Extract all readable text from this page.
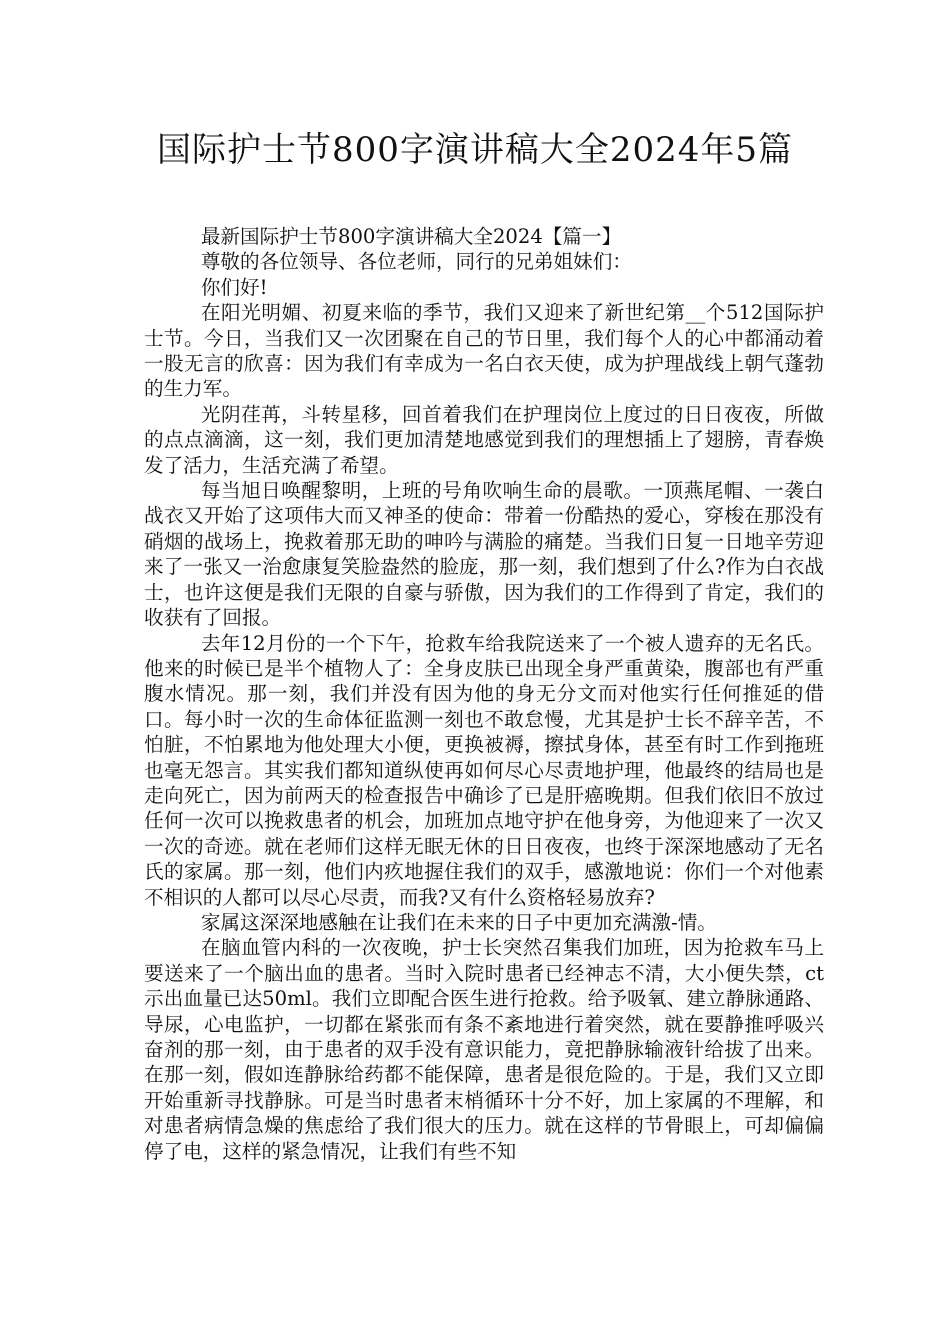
国际护士节800字演讲稿大全2024年5篇

最新国际护士节800字演讲稿大全2024【篇一】

尊敬的各位领导、各位老师，同行的兄弟姐妹们：

你们好!

在阳光明媚、初夏来临的季节，我们又迎来了新世纪第__个512国际护士节。今日，当我们又一次团聚在自己的节日里，我们每个人的心中都涌动着一股无言的欣喜：因为我们有幸成为一名白衣天使，成为护理战线上朝气蓬勃的生力军。

光阴荏苒，斗转星移，回首着我们在护理岗位上度过的日日夜夜，所做的点点滴滴，这一刻，我们更加清楚地感觉到我们的理想插上了翅膀，青春焕发了活力，生活充满了希望。

每当旭日唤醒黎明，上班的号角吹响生命的晨歌。一顶燕尾帽、一袭白战衣又开始了这项伟大而又神圣的使命：带着一份酷热的爱心，穿梭在那没有硝烟的战场上，挽救着那无助的呻吟与满脸的痛楚。当我们日复一日地辛劳迎来了一张又一治愈康复笑脸盎然的脸庞，那一刻，我们想到了什么?作为白衣战士，也许这便是我们无限的自豪与骄傲，因为我们的工作得到了肯定，我们的收获有了回报。

去年12月份的一个下午，抢救车给我院送来了一个被人遗弃的无名氏。他来的时候已是半个植物人了：全身皮肤已出现全身严重黄染，腹部也有严重腹水情况。那一刻，我们并没有因为他的身无分文而对他实行任何推延的借口。每小时一次的生命体征监测一刻也不敢怠慢，尤其是护士长不辞辛苦，不怕脏，不怕累地为他处理大小便，更换被褥，擦拭身体，甚至有时工作到拖班也毫无怨言。其实我们都知道纵使再如何尽心尽责地护理，他最终的结局也是走向死亡，因为前两天的检查报告中确诊了已是肝癌晚期。但我们依旧不放过任何一次可以挽救患者的机会，加班加点地守护在他身旁，为他迎来了一次又一次的奇迹。就在老师们这样无眠无休的日日夜夜，也终于深深地感动了无名氏的家属。那一刻，他们内疚地握住我们的双手，感激地说：你们一个对他素不相识的人都可以尽心尽责，而我?又有什么资格轻易放弃?

家属这深深地感触在让我们在未来的日子中更加充满激-情。

在脑血管内科的一次夜晚，护士长突然召集我们加班，因为抢救车马上要送来了一个脑出血的患者。当时入院时患者已经神志不清，大小便失禁，ct示出血量已达50ml。我们立即配合医生进行抢救。给予吸氧、建立静脉通路、导尿，心电监护，一切都在紧张而有条不紊地进行着突然，就在要静推呼吸兴奋剂的那一刻，由于患者的双手没有意识能力，竟把静脉输液针给拔了出来。在那一刻，假如连静脉给药都不能保障，患者是很危险的。于是，我们又立即开始重新寻找静脉。可是当时患者末梢循环十分不好，加上家属的不理解，和对患者病情急燥的焦虑给了我们很大的压力。就在这样的节骨眼上，可却偏偏停了电，这样的紧急情况，让我们有些不知
